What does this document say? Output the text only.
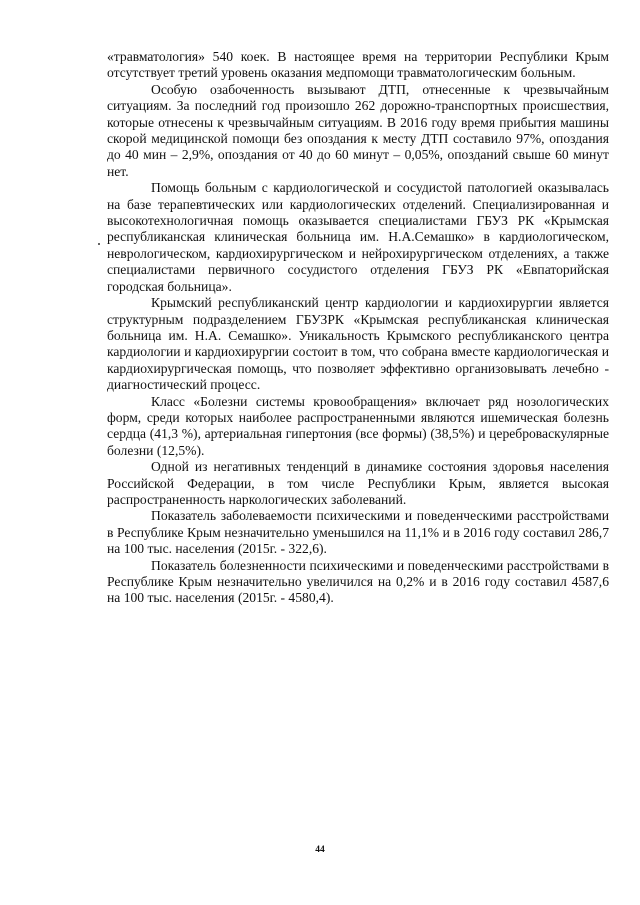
«травматология» 540 коек. В настоящее время на территории Республики Крым отсутствует третий уровень оказания медпомощи травматологическим больным.

Особую озабоченность вызывают ДТП, отнесенные к чрезвычайным ситуациям. За последний год произошло 262 дорожно-транспортных происшествия, которые отнесены к чрезвычайным ситуациям. В 2016 году время прибытия машины скорой медицинской помощи без опоздания к месту ДТП составило 97%, опоздания до 40 мин – 2,9%, опоздания от 40 до 60 минут – 0,05%, опозданий свыше 60 минут нет.

Помощь больным с кардиологической и сосудистой патологией оказывалась на базе терапевтических или кардиологических отделений. Специализированная и высокотехнологичная помощь оказывается специалистами ГБУЗ РК «Крымская республиканская клиническая больница им. Н.А.Семашко» в кардиологическом, неврологическом, кардиохирургическом и нейрохирургическом отделениях, а также специалистами первичного сосудистого отделения ГБУЗ РК «Евпаторийская городская больница».

Крымский республиканский центр кардиологии и кардиохирургии является структурным подразделением ГБУЗРК «Крымская республиканская клиническая больница им. Н.А. Семашко». Уникальность Крымского республиканского центра кардиологии и кардиохирургии состоит в том, что собрана вместе кардиологическая и кардиохирургическая помощь, что позволяет эффективно организовывать лечебно - диагностический процесс.

Класс «Болезни системы кровообращения» включает ряд нозологических форм, среди которых наиболее распространенными являются ишемическая болезнь сердца (41,3 %), артериальная гипертония (все формы) (38,5%) и цереброваскулярные болезни (12,5%).

Одной из негативных тенденций в динамике состояния здоровья населения Российской Федерации, в том числе Республики Крым, является высокая распространенность наркологических заболеваний.

Показатель заболеваемости психическими и поведенческими расстройствами в Республике Крым незначительно уменьшился на 11,1% и в 2016 году составил 286,7 на 100 тыс. населения (2015г. - 322,6).

Показатель болезненности психическими и поведенческими расстройствами в Республике Крым незначительно увеличился на 0,2% и в 2016 году составил 4587,6 на 100 тыс. населения (2015г. - 4580,4).

44
